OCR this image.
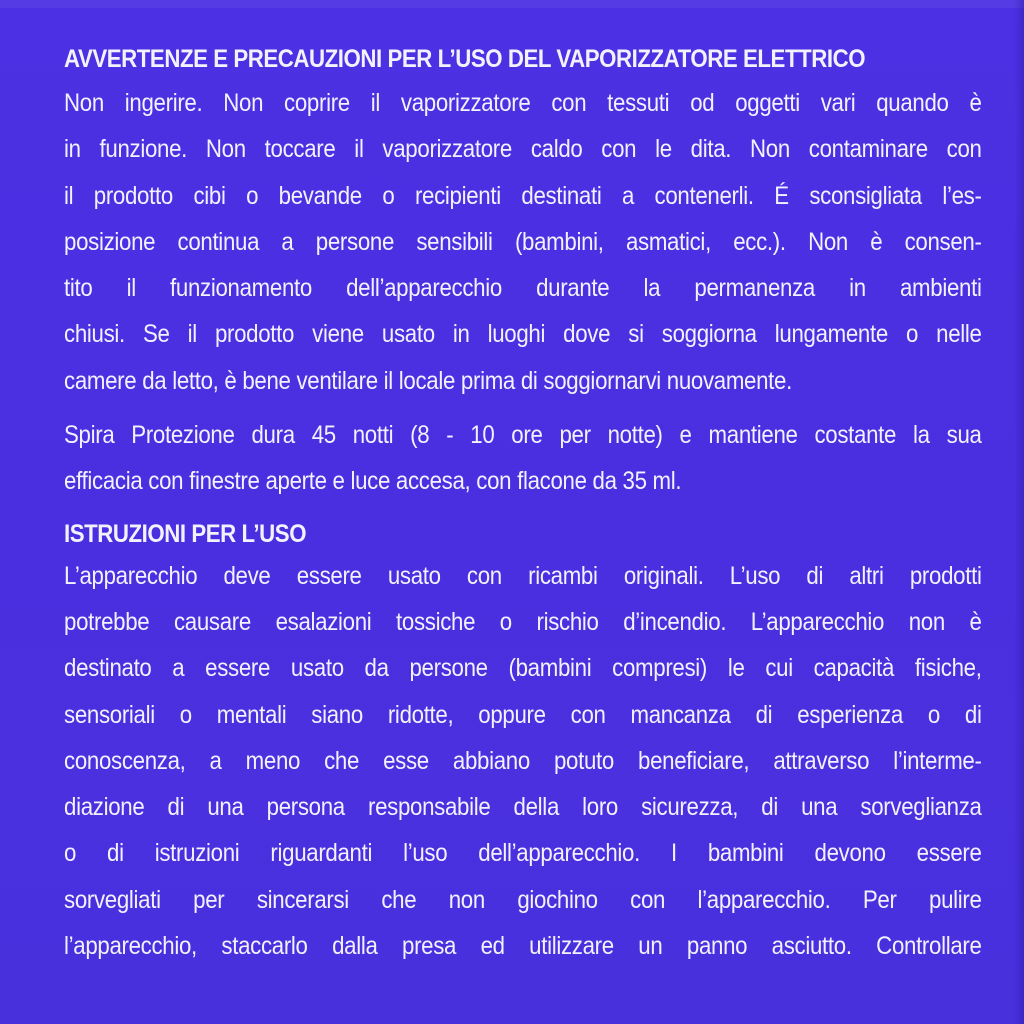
AVVERTENZE E PRECAUZIONI PER L’USO DEL VAPORIZZATORE ELETTRICO
Non ingerire. Non coprire il vaporizzatore con tessuti od oggetti vari quando è
in funzione. Non toccare il vaporizzatore caldo con le dita. Non contaminare con
il prodotto cibi o bevande o recipienti destinati a contenerli. É sconsigliata l’es-
posizione continua a persone sensibili (bambini, asmatici, ecc.). Non è consen-
tito il funzionamento dell’apparecchio durante la permanenza in ambienti
chiusi. Se il prodotto viene usato in luoghi dove si soggiorna lungamente o nelle
camere da letto, è bene ventilare il locale prima di soggiornarvi nuovamente.
Spira Protezione dura 45 notti (8 - 10 ore per notte) e mantiene costante la sua
efficacia con finestre aperte e luce accesa, con flacone da 35 ml.
ISTRUZIONI PER L’USO
L’apparecchio deve essere usato con ricambi originali. L’uso di altri prodotti
potrebbe causare esalazioni tossiche o rischio d’incendio. L’apparecchio non è
destinato a essere usato da persone (bambini compresi) le cui capacità fisiche,
sensoriali o mentali siano ridotte, oppure con mancanza di esperienza o di
conoscenza, a meno che esse abbiano potuto beneficiare, attraverso l’interme-
diazione di una persona responsabile della loro sicurezza, di una sorveglianza
o di istruzioni riguardanti l’uso dell’apparecchio. I bambini devono essere
sorvegliati per sincerarsi che non giochino con l’apparecchio. Per pulire
l’apparecchio, staccarlo dalla presa ed utilizzare un panno asciutto. Controllare
